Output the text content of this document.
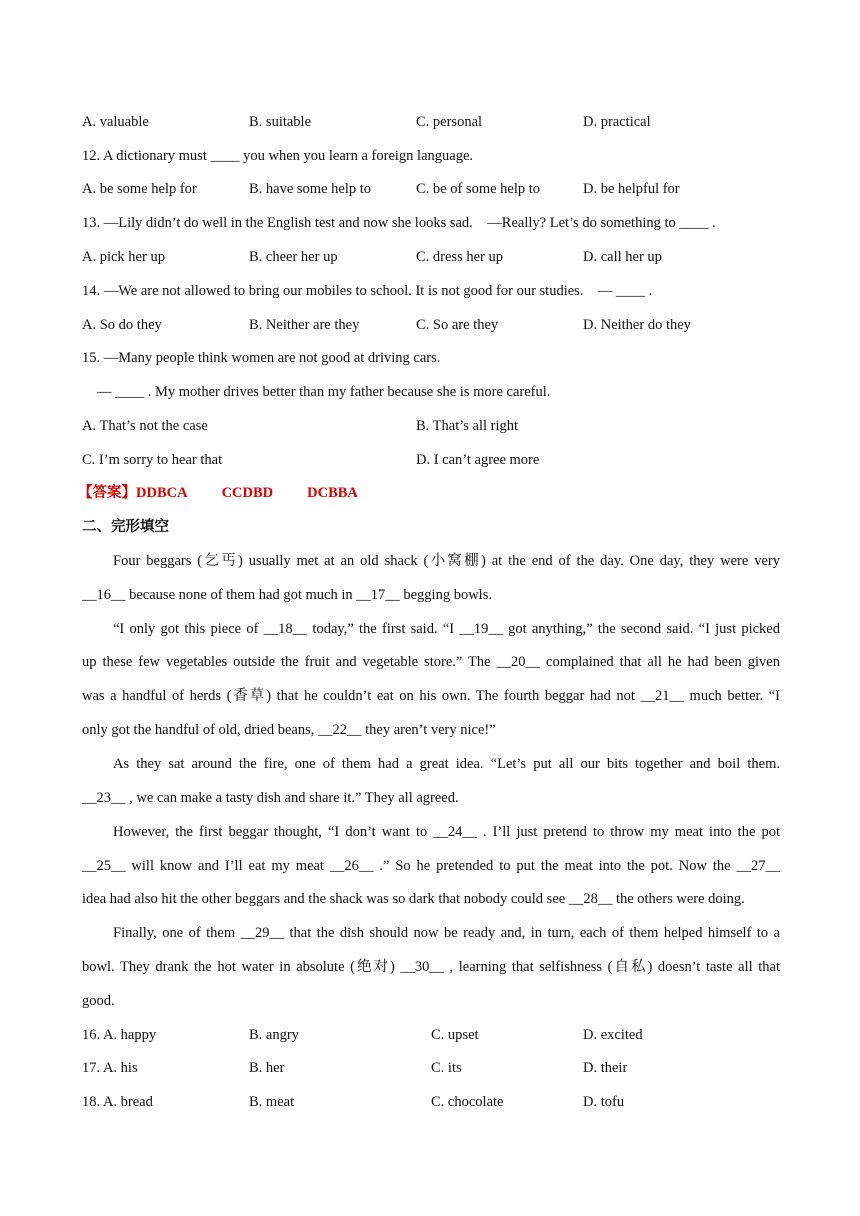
A. valuable	B. suitable	C. personal	D. practical
12. A dictionary must ____ you when you learn a foreign language.
A. be some help for	B. have some help to	C. be of some help to	D. be helpful for
13. —Lily didn’t do well in the English test and now she looks sad.    —Really? Let’s do something to ____ .
A. pick her up	B. cheer her up	C. dress her up	D. call her up
14. —We are not allowed to bring our mobiles to school. It is not good for our studies.    — ____ .
A. So do they	B. Neither are they	C. So are they	D. Neither do they
15. —Many people think women are not good at driving cars.
— ____ . My mother drives better than my father because she is more careful.
A. That’s not the case	B. That’s all right
C. I’m sorry to hear that	D. I can’t agree more
【答案】DDBCA CCDBD DCBBA
二、完形填空
Four beggars (乞丐) usually met at an old shack (小窝棚) at the end of the day. One day, they were very
__16__ because none of them had got much in __17__ begging bowls.
“I only got this piece of __18__ today,” the first said. “I __19__ got anything,” the second said. “I just picked
up these few vegetables outside the fruit and vegetable store.” The __20__ complained that all he had been given
was a handful of herds (香草) that he couldn’t eat on his own. The fourth beggar had not __21__ much better. “I
only got the handful of old, dried beans, __22__ they aren’t very nice!”
As they sat around the fire, one of them had a great idea. “Let’s put all our bits together and boil them.
__23__ , we can make a tasty dish and share it.” They all agreed.
However, the first beggar thought, “I don’t want to __24__ . I’ll just pretend to throw my meat into the pot
__25__ will know and I’ll eat my meat __26__ .” So he pretended to put the meat into the pot. Now the __27__
idea had also hit the other beggars and the shack was so dark that nobody could see __28__ the others were doing.
Finally, one of them __29__ that the dish should now be ready and, in turn, each of them helped himself to a
bowl. They drank the hot water in absolute (绝对) __30__ , learning that selfishness (自私) doesn’t taste all that
good.
16. A. happy	B. angry	C. upset	D. excited
17. A. his	B. her	C. its	D. their
18. A. bread	B. meat	C. chocolate	D. tofu
